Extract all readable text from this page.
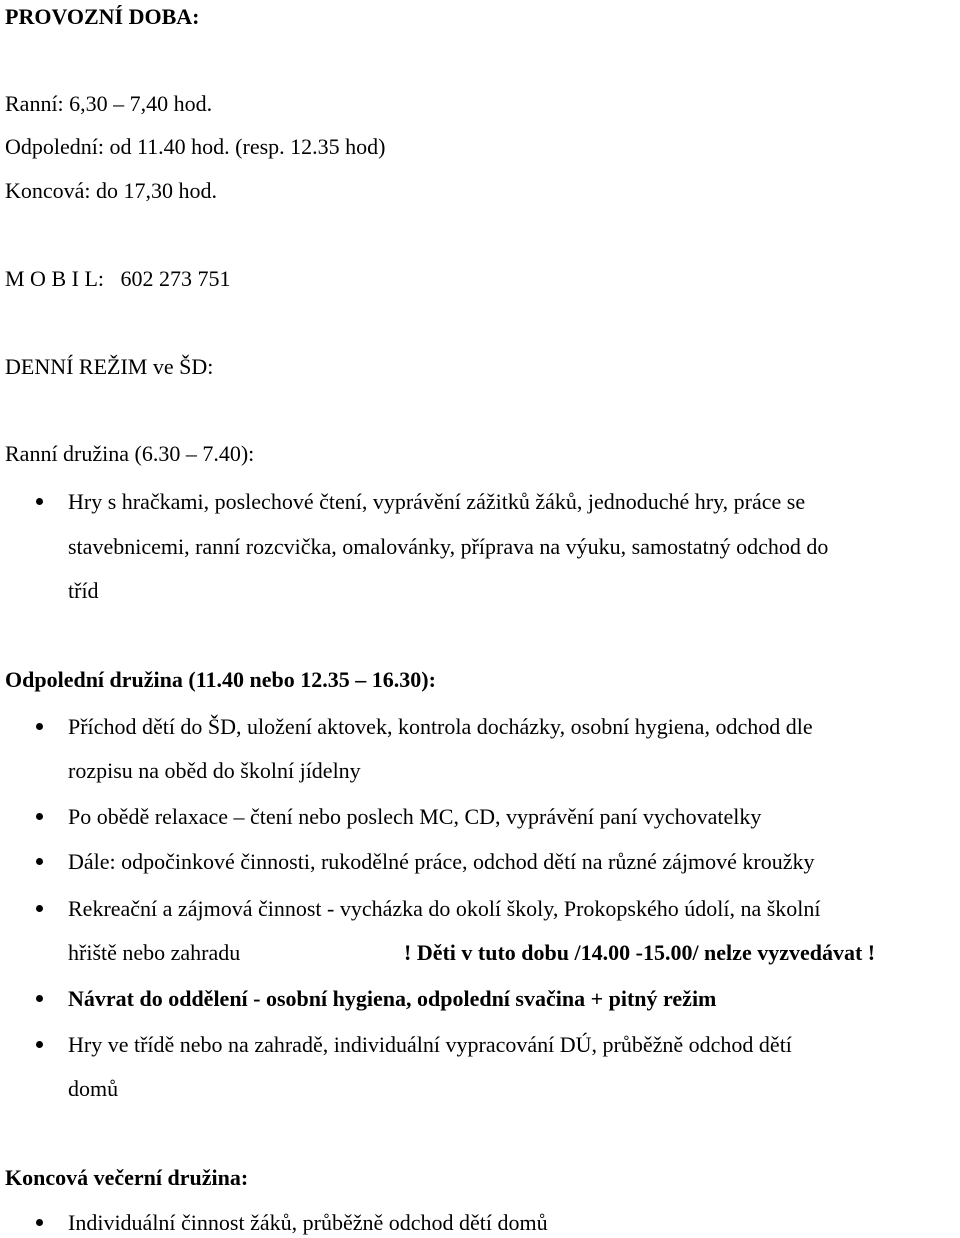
PROVOZNÍ DOBA:
Ranní: 6,30 – 7,40 hod.
Odpolední: od 11.40 hod. (resp. 12.35 hod)
Koncová: do 17,30 hod.
M O B I L:   602 273 751
DENNÍ REŽIM ve ŠD:
Ranní družina (6.30 – 7.40):
Hry s hračkami, poslechové čtení, vyprávění zážitků žáků, jednoduché hry, práce se
stavebnicemi, ranní rozcvička, omalovánky, příprava na výuku, samostatný odchod do
tříd
Odpolední družina (11.40 nebo 12.35 – 16.30):
Příchod dětí do ŠD, uložení aktovek, kontrola docházky, osobní hygiena, odchod dle
rozpisu na oběd do školní jídelny
Po obědě relaxace – čtení nebo poslech MC, CD, vyprávění paní vychovatelky
Dále: odpočinkové činnosti, rukodělné práce, odchod dětí na různé zájmové kroužky
Rekreační a zájmová činnost - vycházka do okolí školy, Prokopského údolí, na školní
hřiště nebo zahradu	! Děti v tuto dobu /14.00 -15.00/ nelze vyzvedávat !
Návrat do oddělení - osobní hygiena, odpolední svačina + pitný režim
Hry ve třídě nebo na zahradě, individuální vypracování DÚ, průběžně odchod dětí
domů
Koncová večerní družina:
Individuální činnost žáků, průběžně odchod dětí domů
